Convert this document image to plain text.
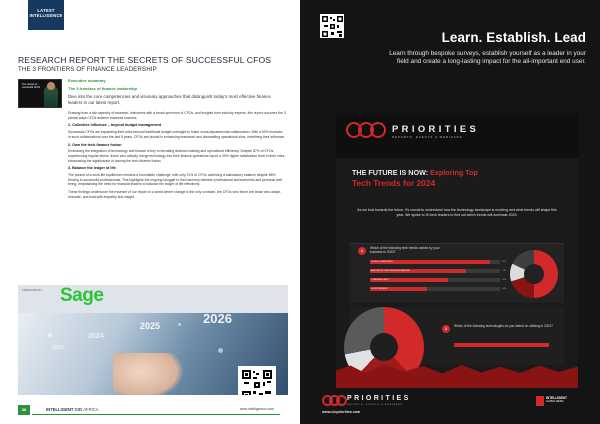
LATEST INTELLIGENCE
RESEARCH REPORT THE SECRETS OF SUCCESSFUL CFOS
THE 3 FRONTIERS OF FINANCE LEADERSHIP
The secrets of successful CFOs
Executive summary
The 3 frontiers of finance leadership
Dive into the core competencies and visionary approaches that distinguish today's most effective finance leaders in our latest report.
Drawing from a rich tapestry of research, interviews with a broad spectrum of CFOs, and insights from industry experts, this report uncovers the 3 pivotal ways CFOs achieve business success.
1. Collective influence – beyond budget management
Successful CFOs are expanding their roles beyond traditional budget oversight to foster cross-departmental collaboration. With a 50% increase in such collaborations over the last 5 years, CFOs are pivotal in enhancing teamwork and dismantling operational silos, redefining their influence.
2. Own the tech-finance fusion
Embracing the integration of technology and finance is key to elevating decision-making and operational efficiency. Despite 87% of CFOs experiencing regular stress, those who adeptly merge technology into their finance operations report a 30% higher satisfaction level in their roles, showcasing the significance of owning the tech-finance fusion.
3. Balance the ledger of life
The pursuit of a work-life equilibrium remains a formidable challenge, with only 21% of CFOs achieving a satisfactory balance despite 68% thriving in successful professionals. This highlights the ongoing struggle to find harmony between professional achievements and personal well-being, emphasising the need for financial leaders to balance the ledger of life effectively.
These findings underscore the essence of our report: in a world where change is the only constant, the CFOs who thrive are those who adapt, innovate, and lead with empathy and insight.
PRESENTED BY Sage
2026
2025
2024
2023
38	INTELLIGENT CIO AFRICA	www.intelligentcio.com
Learn. Establish. Lead
Learn through bespoke surveys, establish yourself as a leader in your field and create a long-lasting impact for the all-important end user.
PRIORITIES
REPORTS, EVENTS & WEBINARS
THE FUTURE IS NOW: Exploring Top
Tech Trends for 2024
As we look towards the future, it's crucial to understand how the technology landscape is evolving and what trends will shape this year. We spoke to 30 tech leaders to find out which trends will dominate 2023.
1
Which of the following tech trends ranked by your business in 2023?
CLOUD COMPUTING	92%
AI/ROBOTIC PROCESS AUTOMATION	74%
CYBERSECURITY	60%
5G NETWORKS	44%
2
Which of the following technologies do you intend on utilising in 2023?
PRIORITIES
REPORTS, EVENTS & WEBINARS
www.ciopriorities.com
INTELLIGENT
GLOBAL MEDIA
